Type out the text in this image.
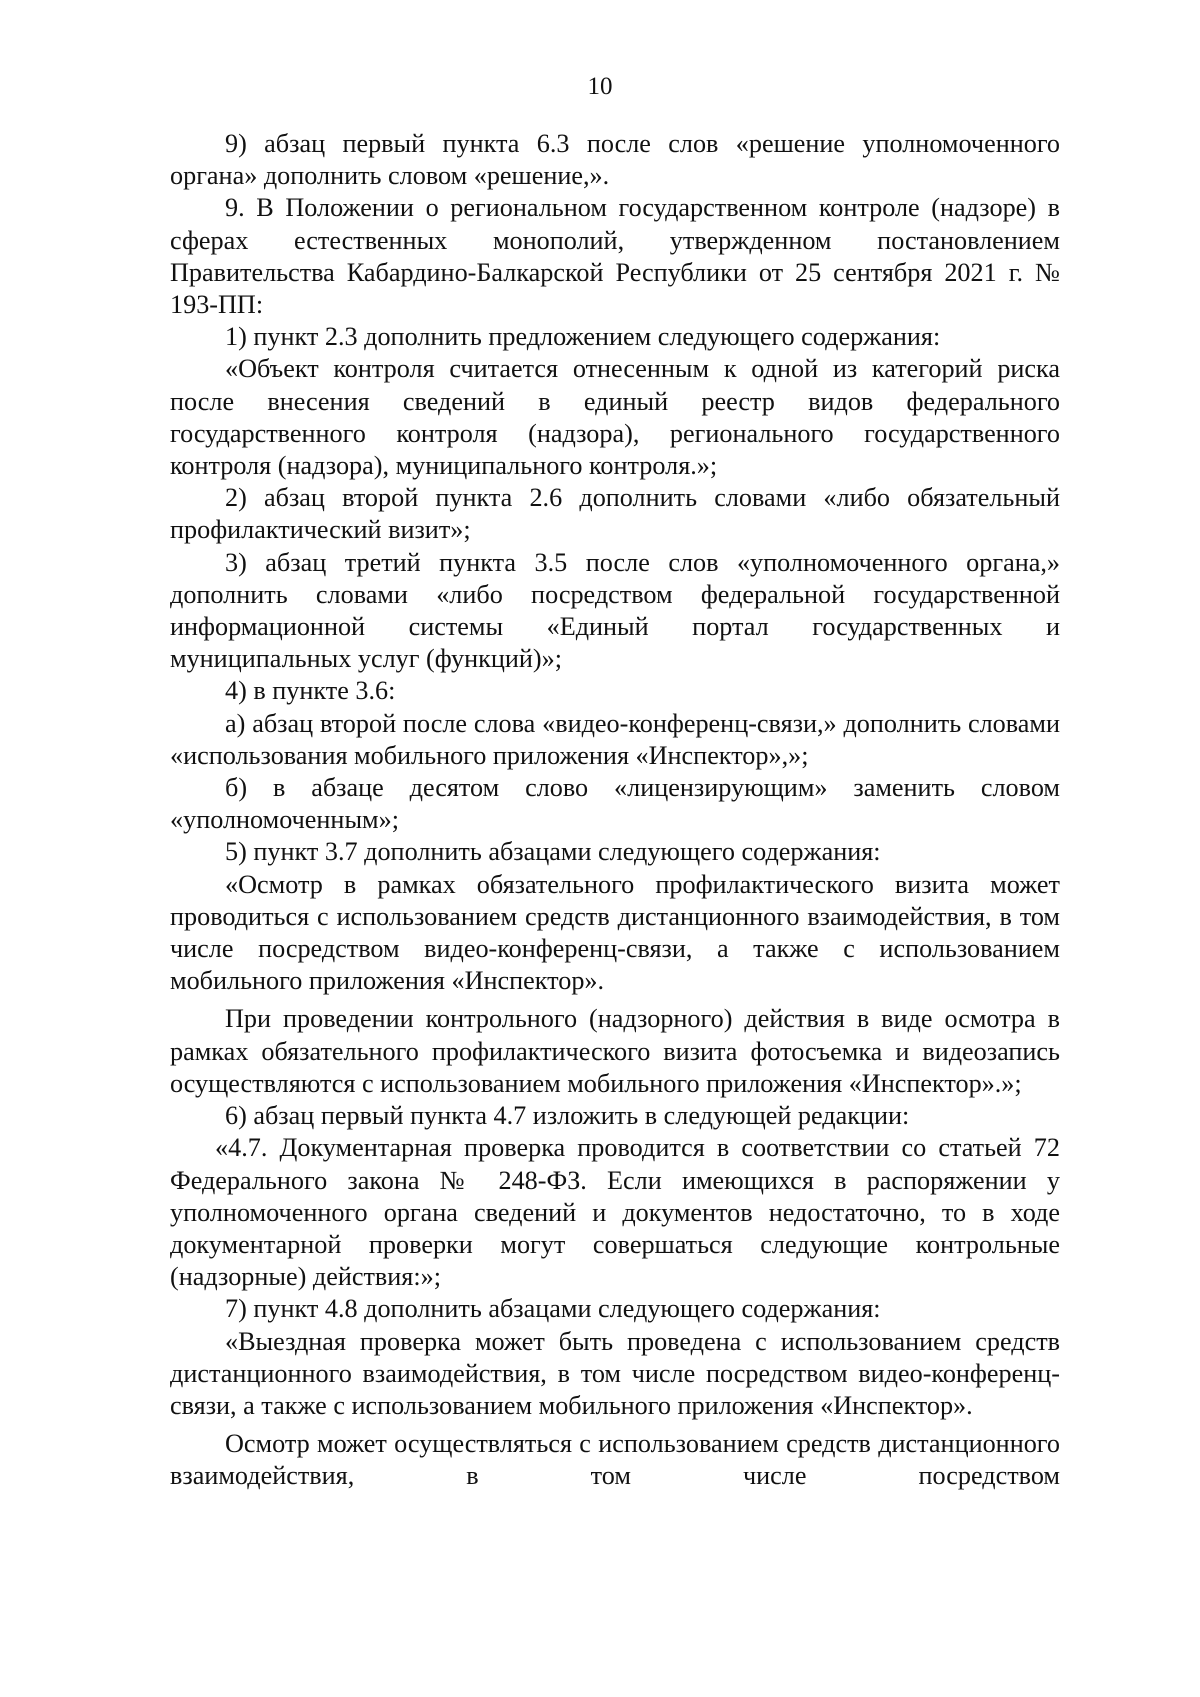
10

9) абзац первый пункта 6.3 после слов «решение уполномоченного органа» дополнить словом «решение,».

9. В Положении о региональном государственном контроле (надзоре) в сферах естественных монополий, утвержденном постановлением Правительства Кабардино-Балкарской Республики от 25 сентября 2021 г. № 193-ПП:

1) пункт 2.3 дополнить предложением следующего содержания:

«Объект контроля считается отнесенным к одной из категорий риска после внесения сведений в единый реестр видов федерального государственного контроля (надзора), регионального государственного контроля (надзора), муниципального контроля.»;

2) абзац второй пункта 2.6 дополнить словами «либо обязательный профилактический визит»;

3) абзац третий пункта 3.5 после слов «уполномоченного органа,» дополнить словами «либо посредством федеральной государственной информационной системы «Единый портал государственных и муниципальных услуг (функций)»;

4) в пункте 3.6:

а) абзац второй после слова «видео-конференц-связи,» дополнить словами «использования мобильного приложения «Инспектор»,»;

б) в абзаце десятом слово «лицензирующим» заменить словом «уполномоченным»;

5) пункт 3.7 дополнить абзацами следующего содержания:

«Осмотр в рамках обязательного профилактического визита может проводиться с использованием средств дистанционного взаимодействия, в том числе посредством видео-конференц-связи, а также с использованием мобильного приложения «Инспектор».

При проведении контрольного (надзорного) действия в виде осмотра в рамках обязательного профилактического визита фотосъемка и видеозапись осуществляются с использованием мобильного приложения «Инспектор».»;

6) абзац первый пункта 4.7 изложить в следующей редакции:

«4.7. Документарная проверка проводится в соответствии со статьей 72 Федерального закона № 248-ФЗ. Если имеющихся в распоряжении у уполномоченного органа сведений и документов недостаточно, то в ходе документарной проверки могут совершаться следующие контрольные (надзорные) действия:»;

7) пункт 4.8 дополнить абзацами следующего содержания:

«Выездная проверка может быть проведена с использованием средств дистанционного взаимодействия, в том числе посредством видео-конференц-связи, а также с использованием мобильного приложения «Инспектор».

Осмотр может осуществляться с использованием средств дистанционного взаимодействия, в том числе посредством
